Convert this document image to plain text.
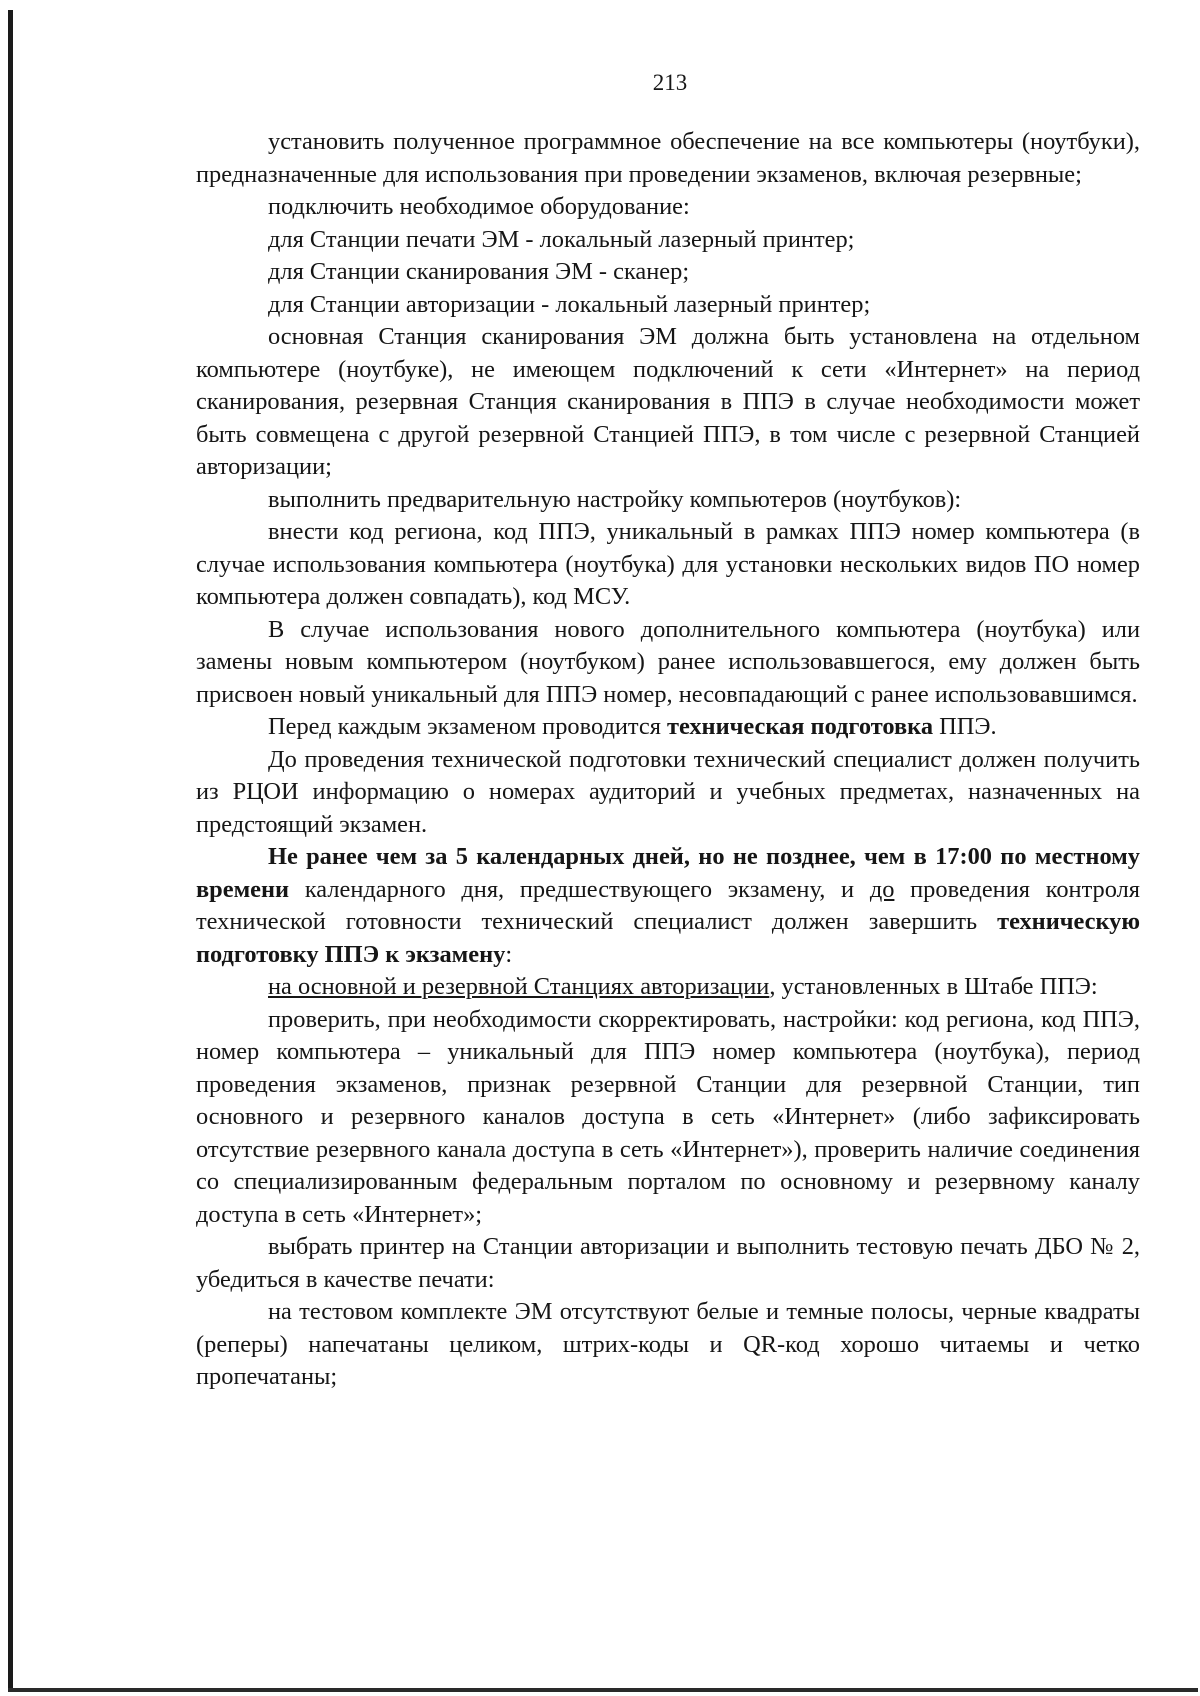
213

установить полученное программное обеспечение на все компьютеры (ноутбуки), предназначенные для использования при проведении экзаменов, включая резервные;

подключить необходимое оборудование:

для Станции печати ЭМ - локальный лазерный принтер;

для Станции сканирования ЭМ - сканер;

для Станции авторизации - локальный лазерный принтер;

основная Станция сканирования ЭМ должна быть установлена на отдельном компьютере (ноутбуке), не имеющем подключений к сети «Интернет» на период сканирования, резервная Станция сканирования в ППЭ в случае необходимости может быть совмещена с другой резервной Станцией ППЭ, в том числе с резервной Станцией авторизации;

выполнить предварительную настройку компьютеров (ноутбуков):

внести код региона, код ППЭ, уникальный в рамках ППЭ номер компьютера (в случае использования компьютера (ноутбука) для установки нескольких видов ПО номер компьютера должен совпадать), код МСУ.

В случае использования нового дополнительного компьютера (ноутбука) или замены новым компьютером (ноутбуком) ранее использовавшегося, ему должен быть присвоен новый уникальный для ППЭ номер, несовпадающий с ранее использовавшимся.

Перед каждым экзаменом проводится техническая подготовка ППЭ.

До проведения технической подготовки технический специалист должен получить из РЦОИ информацию о номерах аудиторий и учебных предметах, назначенных на предстоящий экзамен.

Не ранее чем за 5 календарных дней, но не позднее, чем в 17:00 по местному времени календарного дня, предшествующего экзамену, и до проведения контроля технической готовности технический специалист должен завершить техническую подготовку ППЭ к экзамену:

на основной и резервной Станциях авторизации, установленных в Штабе ППЭ:

проверить, при необходимости скорректировать, настройки: код региона, код ППЭ, номер компьютера – уникальный для ППЭ номер компьютера (ноутбука), период проведения экзаменов, признак резервной Станции для резервной Станции, тип основного и резервного каналов доступа в сеть «Интернет» (либо зафиксировать отсутствие резервного канала доступа в сеть «Интернет»), проверить наличие соединения со специализированным федеральным порталом по основному и резервному каналу доступа в сеть «Интернет»;

выбрать принтер на Станции авторизации и выполнить тестовую печать ДБО № 2, убедиться в качестве печати:

на тестовом комплекте ЭМ отсутствуют белые и темные полосы, черные квадраты (реперы) напечатаны целиком, штрих-коды и QR-код хорошо читаемы и четко пропечатаны;
